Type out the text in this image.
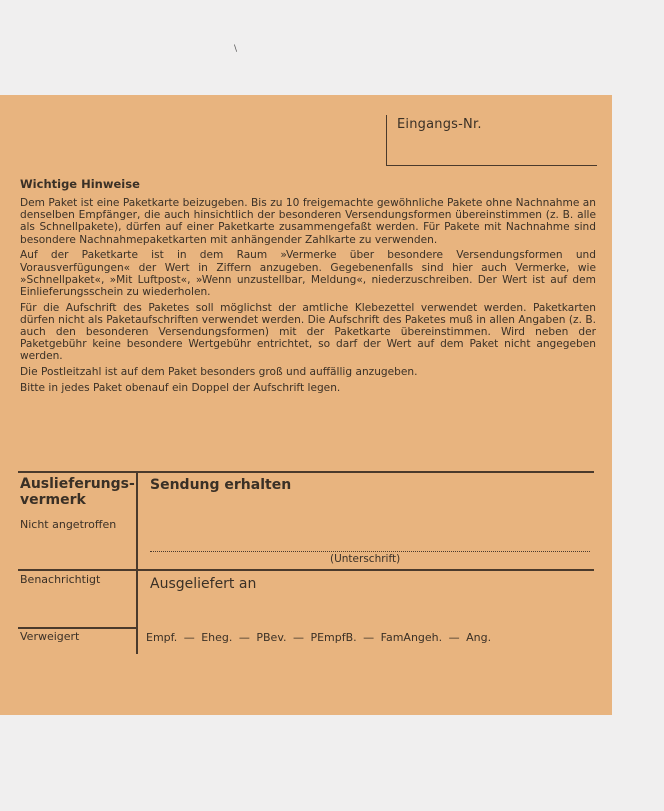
\
Eingangs-Nr.
Wichtige Hinweise

Dem Paket ist eine Paketkarte beizugeben. Bis zu 10 freigemachte gewöhnliche Pakete ohne Nachnahme an denselben Empfänger, die auch hinsichtlich der besonderen Versendungsformen übereinstimmen (z. B. alle als Schnellpakete), dürfen auf einer Paketkarte zusammengefaßt werden. Für Pakete mit Nachnahme sind besondere Nachnahmepaketkarten mit anhängender Zahlkarte zu verwenden.

Auf der Paketkarte ist in dem Raum »Vermerke über besondere Versendungsformen und Vorausverfügungen« der Wert in Ziffern anzugeben. Gegebenenfalls sind hier auch Vermerke, wie »Schnellpaket«, »Mit Luftpost«, »Wenn unzustellbar, Meldung«, niederzuschreiben. Der Wert ist auf dem Einlieferungsschein zu wiederholen.

Für die Aufschrift des Paketes soll möglichst der amtliche Klebezettel verwendet werden. Paketkarten dürfen nicht als Paketaufschriften verwendet werden. Die Aufschrift des Paketes muß in allen Angaben (z. B. auch den besonderen Versendungsformen) mit der Paketkarte übereinstimmen. Wird neben der Paketgebühr keine besondere Wertgebühr entrichtet, so darf der Wert auf dem Paket nicht angegeben werden.

Die Postleitzahl ist auf dem Paket besonders groß und auffällig anzugeben.

Bitte in jedes Paket obenauf ein Doppel der Aufschrift legen.

Auslieferungs-vermerk
Nicht angetroffen
Benachrichtigt
Verweigert
Sendung erhalten
(Unterschrift)
Ausgeliefert an
Empf. — Eheg. — PBev. — PEmpfB. — FamAngeh. — Ang.
